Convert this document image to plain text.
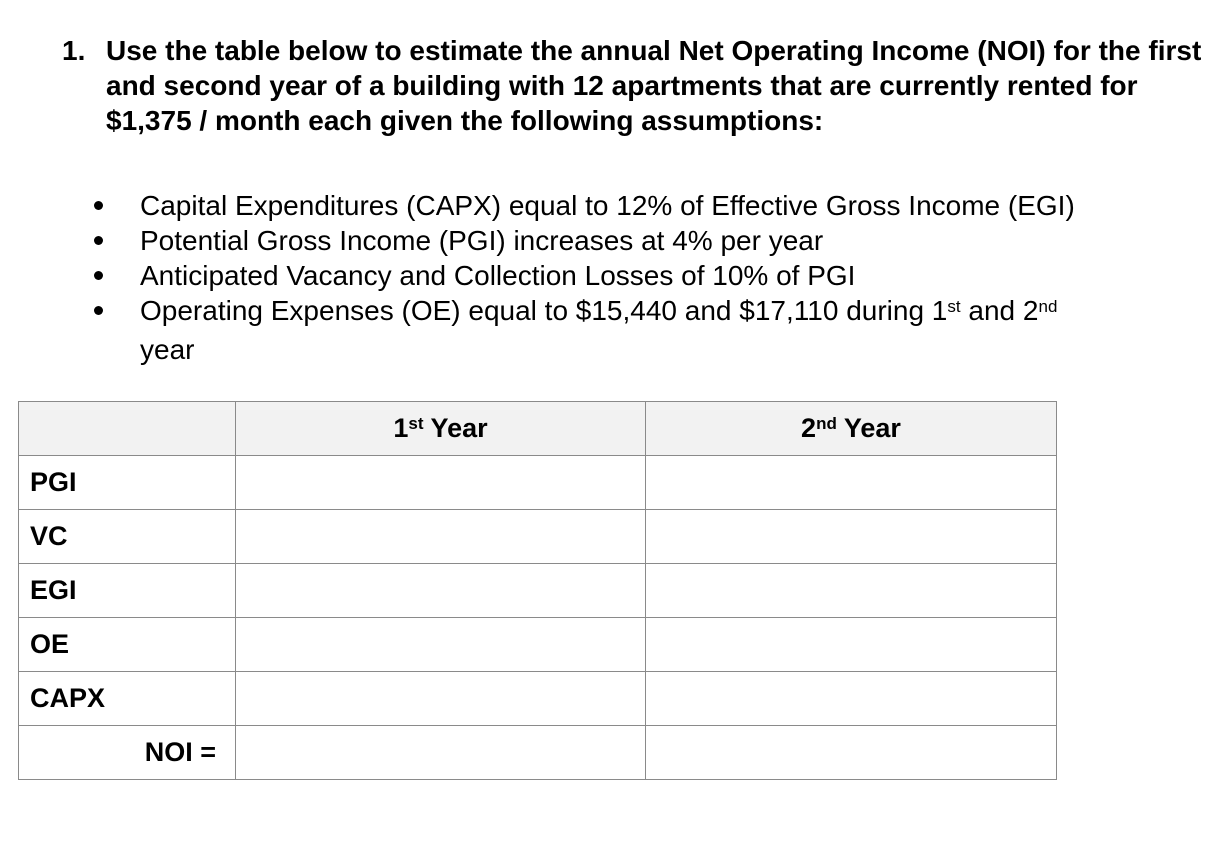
1. Use the table below to estimate the annual Net Operating Income (NOI) for the first and second year of a building with 12 apartments that are currently rented for $1,375 / month each given the following assumptions:
Capital Expenditures (CAPX) equal to 12% of Effective Gross Income (EGI)
Potential Gross Income (PGI) increases at 4% per year
Anticipated Vacancy and Collection Losses of 10% of PGI
Operating Expenses (OE) equal to $15,440 and $17,110 during 1st and 2nd
year
	1st Year	2nd Year
PGI		
VC		
EGI		
OE		
CAPX		
NOI =		
